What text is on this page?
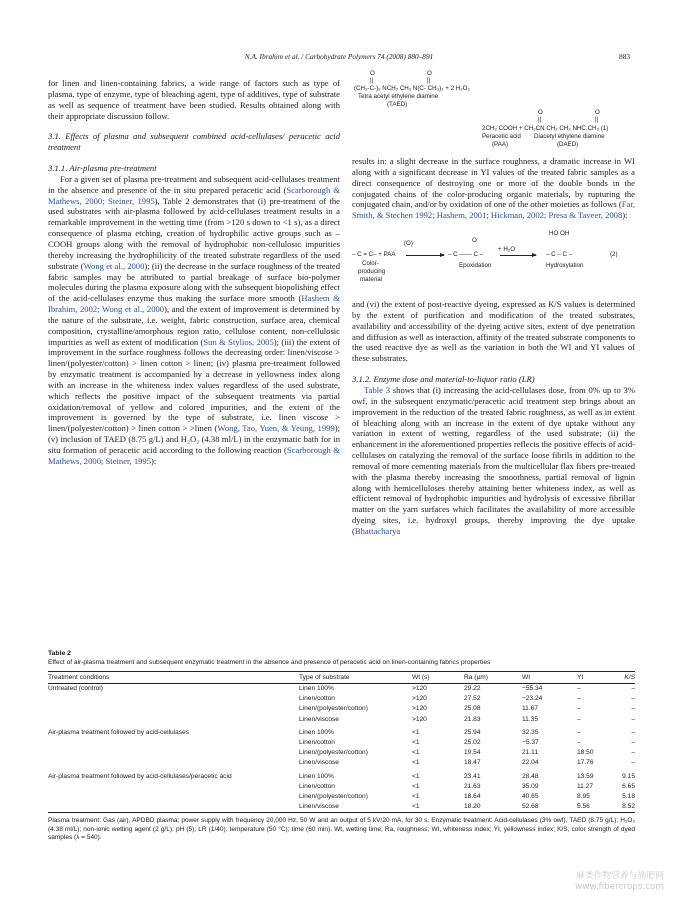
N.A. Ibrahim et al. / Carbohydrate Polymers 74 (2008) 880–891	883

for linen and linen-containing fabrics, a wide range of factors such as type of plasma, type of enzyme, type of bleaching agent, type of additives, type of substrate as well as sequence of treatment have been studied. Results obtained along with their appropriate discussion follow.

3.1. Effects of plasma and subsequent combined acid-cellulases/ peracetic acid treatment

3.1.1. Air-plasma pre-treatment

For a given set of plasma pre-treatment and subsequent acid-cellulases treatment in the absence and presence of the in situ prepared peracetic acid (Scarborough & Mathews, 2000; Steiner, 1995), Table 2 demonstrates that (i) pre-treatment of the used substrates with air-plasma followed by acid-cellulases treatment results in a remarkable improvement in the wetting time (from >120 s down to <1 s), as a direct consequence of plasma etching, creation of hydrophilic active groups such as –COOH groups along with the removal of hydrophobic non-cellulosic impurities thereby increasing the hydrophilicity of the treated substrate regardless of the used substrate (Wong et al., 2000); (ii) the decrease in the surface roughness of the treated fabric samples may be attributed to partial breakage of surface bio-polymer molecules during the plasma exposure along with the subsequent biopolishing effect of the acid-cellulases enzyme thus making the surface more smooth (Hashem & Ibrahim, 2002; Wong et al., 2000), and the extent of improvement is determined by the nature of the substrate, i.e. weight, fabric construction, surface area, chemical composition, crystalline/amorphous region ratio, cellulose content, non-cellulosic impurities as well as extent of modification (Sun & Stylios, 2005); (iii) the extent of improvement in the surface roughness follows the decreasing order: linen/viscose > linen/(polyester/cotton) > linen cotton > linen; (iv) plasma pre-treatment followed by enzymatic treatment is accompanied by a decrease in yellowness index along with an increase in the whiteness index values regardless of the used substrate, which reflects the positive impact of the subsequent treatments via partial oxidation/removal of yellow and colored impurities, and the extent of the improvement is governed by the type of substrate, i.e. linen viscose > linen/(polyester/cotton) > linen cotton > >linen (Wong, Tao, Yuen, & Yeung, 1999); (v) inclusion of TAED (8.75 g/L) and H₂O₂ (4.38 ml/L) in the enzymatic bath for in situ formation of peracetic acid according to the following reaction (Scarborough & Mathews, 2000; Steiner, 1995):

O	O
||	||
(CH₃-C-)₂ NCH₂ CH₂ N(C- CH₃)₂ + 2 H₂O₂
Tetra acetyl ethylene diamine
(TAED)
O	O
||	||
2CH₃ COOH + CH₃CN CH₂ CH₂ NHC.CH₃ (1)
Peracetic acid
(PAA)
Diacetyl ethylene diamine
(DAED)

results in: a slight decrease in the surface roughness, a dramatic increase in WI along with a significant decrease in YI values of the treated fabric samples as a direct consequence of destroying one or more of the double bonds in the conjugated chains of the color-producing organic materials, by rupturing the conjugated chain, and/or by oxidation of one of the other moieties as follows (Far, Smith, & Stechen 1992; Hashem, 2001; Hickman, 2002; Presa & Taveer, 2008):

HO OH
(O)	O
+ H₂O
– C = C– + PAA	– C —— C –	– C – C –	(2)
Color-	Epoxidation	Hydroxylation
producing
material

and (vi) the extent of post-reactive dyeing, expressed as K/S values is determined by the extent of purification and modification of the treated substrates, availability and accessibility of the dyeing active sites, extent of dye penetration and diffusion as well as interaction, affinity of the treated substrate components to the used reactive dye as well as the variation in both the WI and YI values of these substrates.

3.1.2. Enzyme dose and material-to-liquor ratio (LR)

Table 3 shows that (i) increasing the acid-cellulases dose, from 0% up to 3% owf, in the subsequent enzymatic/peracetic acid treatment step brings about an improvement in the reduction of the treated fabric roughness, as well as in extent of bleaching along with an increase in the extent of dye uptake without any variation in extent of wetting, regardless of the used substrate; (ii) the enhancement in the aforementioned properties reflects the positive effects of acid-cellulases on catalyzing the removal of the surface loose fibrils in addition to the removal of more cementing materials from the multicellular flax fibers pre-treated with the plasma thereby increasing the smoothness, partial removal of lignin along with hemicelluloses thereby attaining better whiteness index, as well as efficient removal of hydrophobic impurities and hydrolysis of excessive fibrillar matter on the yarn surfaces which facilitates the availability of more accessible dyeing sites, i.e. hydroxyl groups, thereby improving the dye uptake (Bhattacharya

Table 2
Effect of air-plasma treatment and subsequent enzymatic treatment in the absence and presence of peracetic acid on linen-containing fabrics properties
Treatment conditions	Type of substrate	Wt (s)	Ra (μm)	WI	YI	K/S
Untreated (control)	Linen 100%	>120	29.22	−55.34	–	–
	Linen/cotton	>120	27.52	−23.24	–	–
	Linen/(polyester/cotton)	>120	25.08	11.67	–	–
	Linen/viscose	>120	21.83	11.35	–	–
Air-plasma treatment followed by acid-cellulases	Linen 100%	<1	25.94	32.35	–	–
	Linen/cotton	<1	25.02	−5.37	–	–
	Linen/(polyester/cotton)	<1	19.54	21.11	18.50	–
	Linen/viscose	<1	18.47	22.04	17.76	–
Air-plasma treatment followed by acid-cellulases/peracetic acid	Linen 100%	<1	23.41	28.48	13.59	9.15
	Linen/cotton	<1	21.63	35.09	11.27	6.65
	Linen/(polyester/cotton)	<1	18.64	40.65	8.95	5.18
	Linen/viscose	<1	18.20	52.68	5.56	8.52
Plasma treatment: Gas (air), APDBD plasma; power supply with frequency 20,000 Hz, 50 W and an output of 5 kV/20 mA, for 30 s. Enzymatic treatment: Acid-cellulases (3% owf), TAED (8.75 g/L); H₂O₂ (4.38 ml/L); non-ionic wetting agent (2 g/L); pH (5); LR (1/40); temperature (50 °C); time (60 min). Wt, wetting time; Ra, roughness; WI, whiteness index; YI, yellowness index; K/S, color strength of dyed samples (λ = 540).
麻类作物营养与施肥网
www.fibercrops.com
